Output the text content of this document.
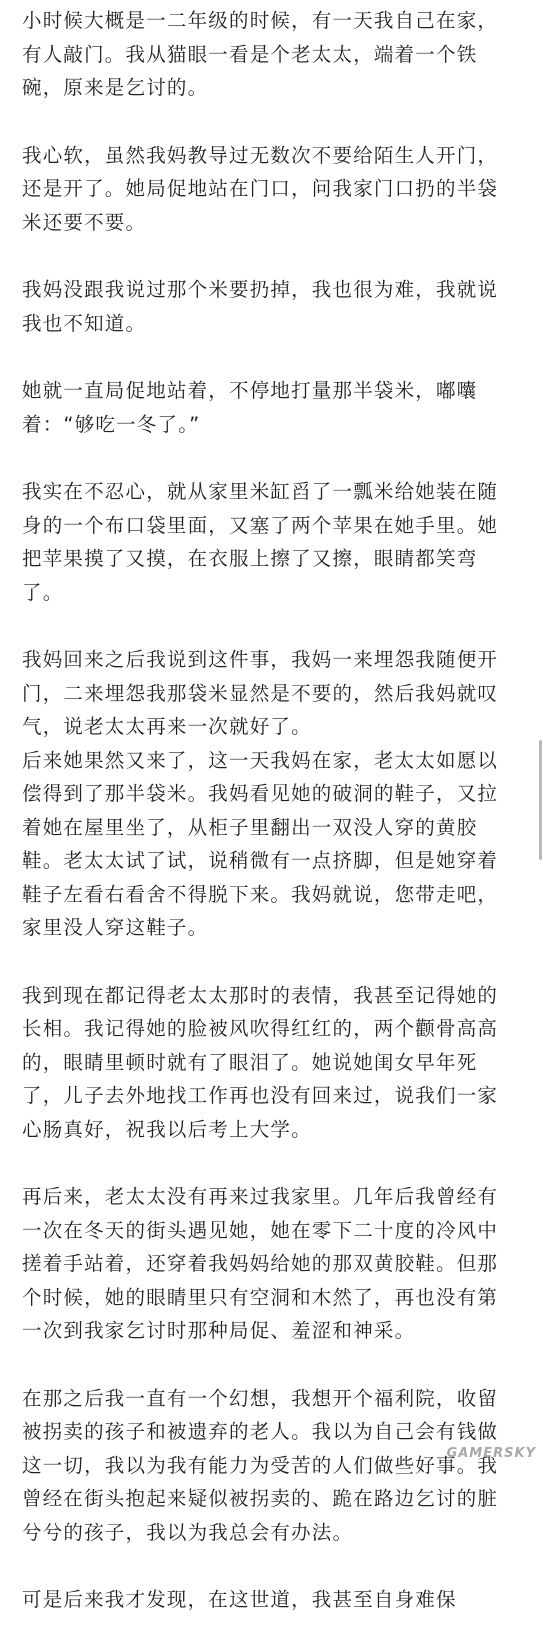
小时候大概是一二年级的时候，有一天我自己在家，
有人敲门。我从猫眼一看是个老太太，端着一个铁
碗，原来是乞讨的。

我心软，虽然我妈教导过无数次不要给陌生人开门，
还是开了。她局促地站在门口，问我家门口扔的半袋
米还要不要。

我妈没跟我说过那个米要扔掉，我也很为难，我就说
我也不知道。

她就一直局促地站着，不停地打量那半袋米，嘟囔
着：“够吃一冬了。”

我实在不忍心，就从家里米缸舀了一瓢米给她装在随
身的一个布口袋里面，又塞了两个苹果在她手里。她
把苹果摸了又摸，在衣服上擦了又擦，眼睛都笑弯
了。

我妈回来之后我说到这件事，我妈一来埋怨我随便开
门，二来埋怨我那袋米显然是不要的，然后我妈就叹
气，说老太太再来一次就好了。

后来她果然又来了，这一天我妈在家，老太太如愿以
偿得到了那半袋米。我妈看见她的破洞的鞋子，又拉
着她在屋里坐了，从柜子里翻出一双没人穿的黄胶
鞋。老太太试了试，说稍微有一点挤脚，但是她穿着
鞋子左看右看舍不得脱下来。我妈就说，您带走吧，
家里没人穿这鞋子。

我到现在都记得老太太那时的表情，我甚至记得她的
长相。我记得她的脸被风吹得红红的，两个颧骨高高
的，眼睛里顿时就有了眼泪了。她说她闺女早年死
了，儿子去外地找工作再也没有回来过，说我们一家
心肠真好，祝我以后考上大学。

再后来，老太太没有再来过我家里。几年后我曾经有
一次在冬天的街头遇见她，她在零下二十度的冷风中
搓着手站着，还穿着我妈妈给她的那双黄胶鞋。但那
个时候，她的眼睛里只有空洞和木然了，再也没有第
一次到我家乞讨时那种局促、羞涩和神采。

在那之后我一直有一个幻想，我想开个福利院，收留
被拐卖的孩子和被遗弃的老人。我以为自己会有钱做
这一切，我以为我有能力为受苦的人们做些好事。我
曾经在街头抱起来疑似被拐卖的、跪在路边乞讨的脏
兮兮的孩子，我以为我总会有办法。

可是后来我才发现，在这世道，我甚至自身难保

GAMERSKY
